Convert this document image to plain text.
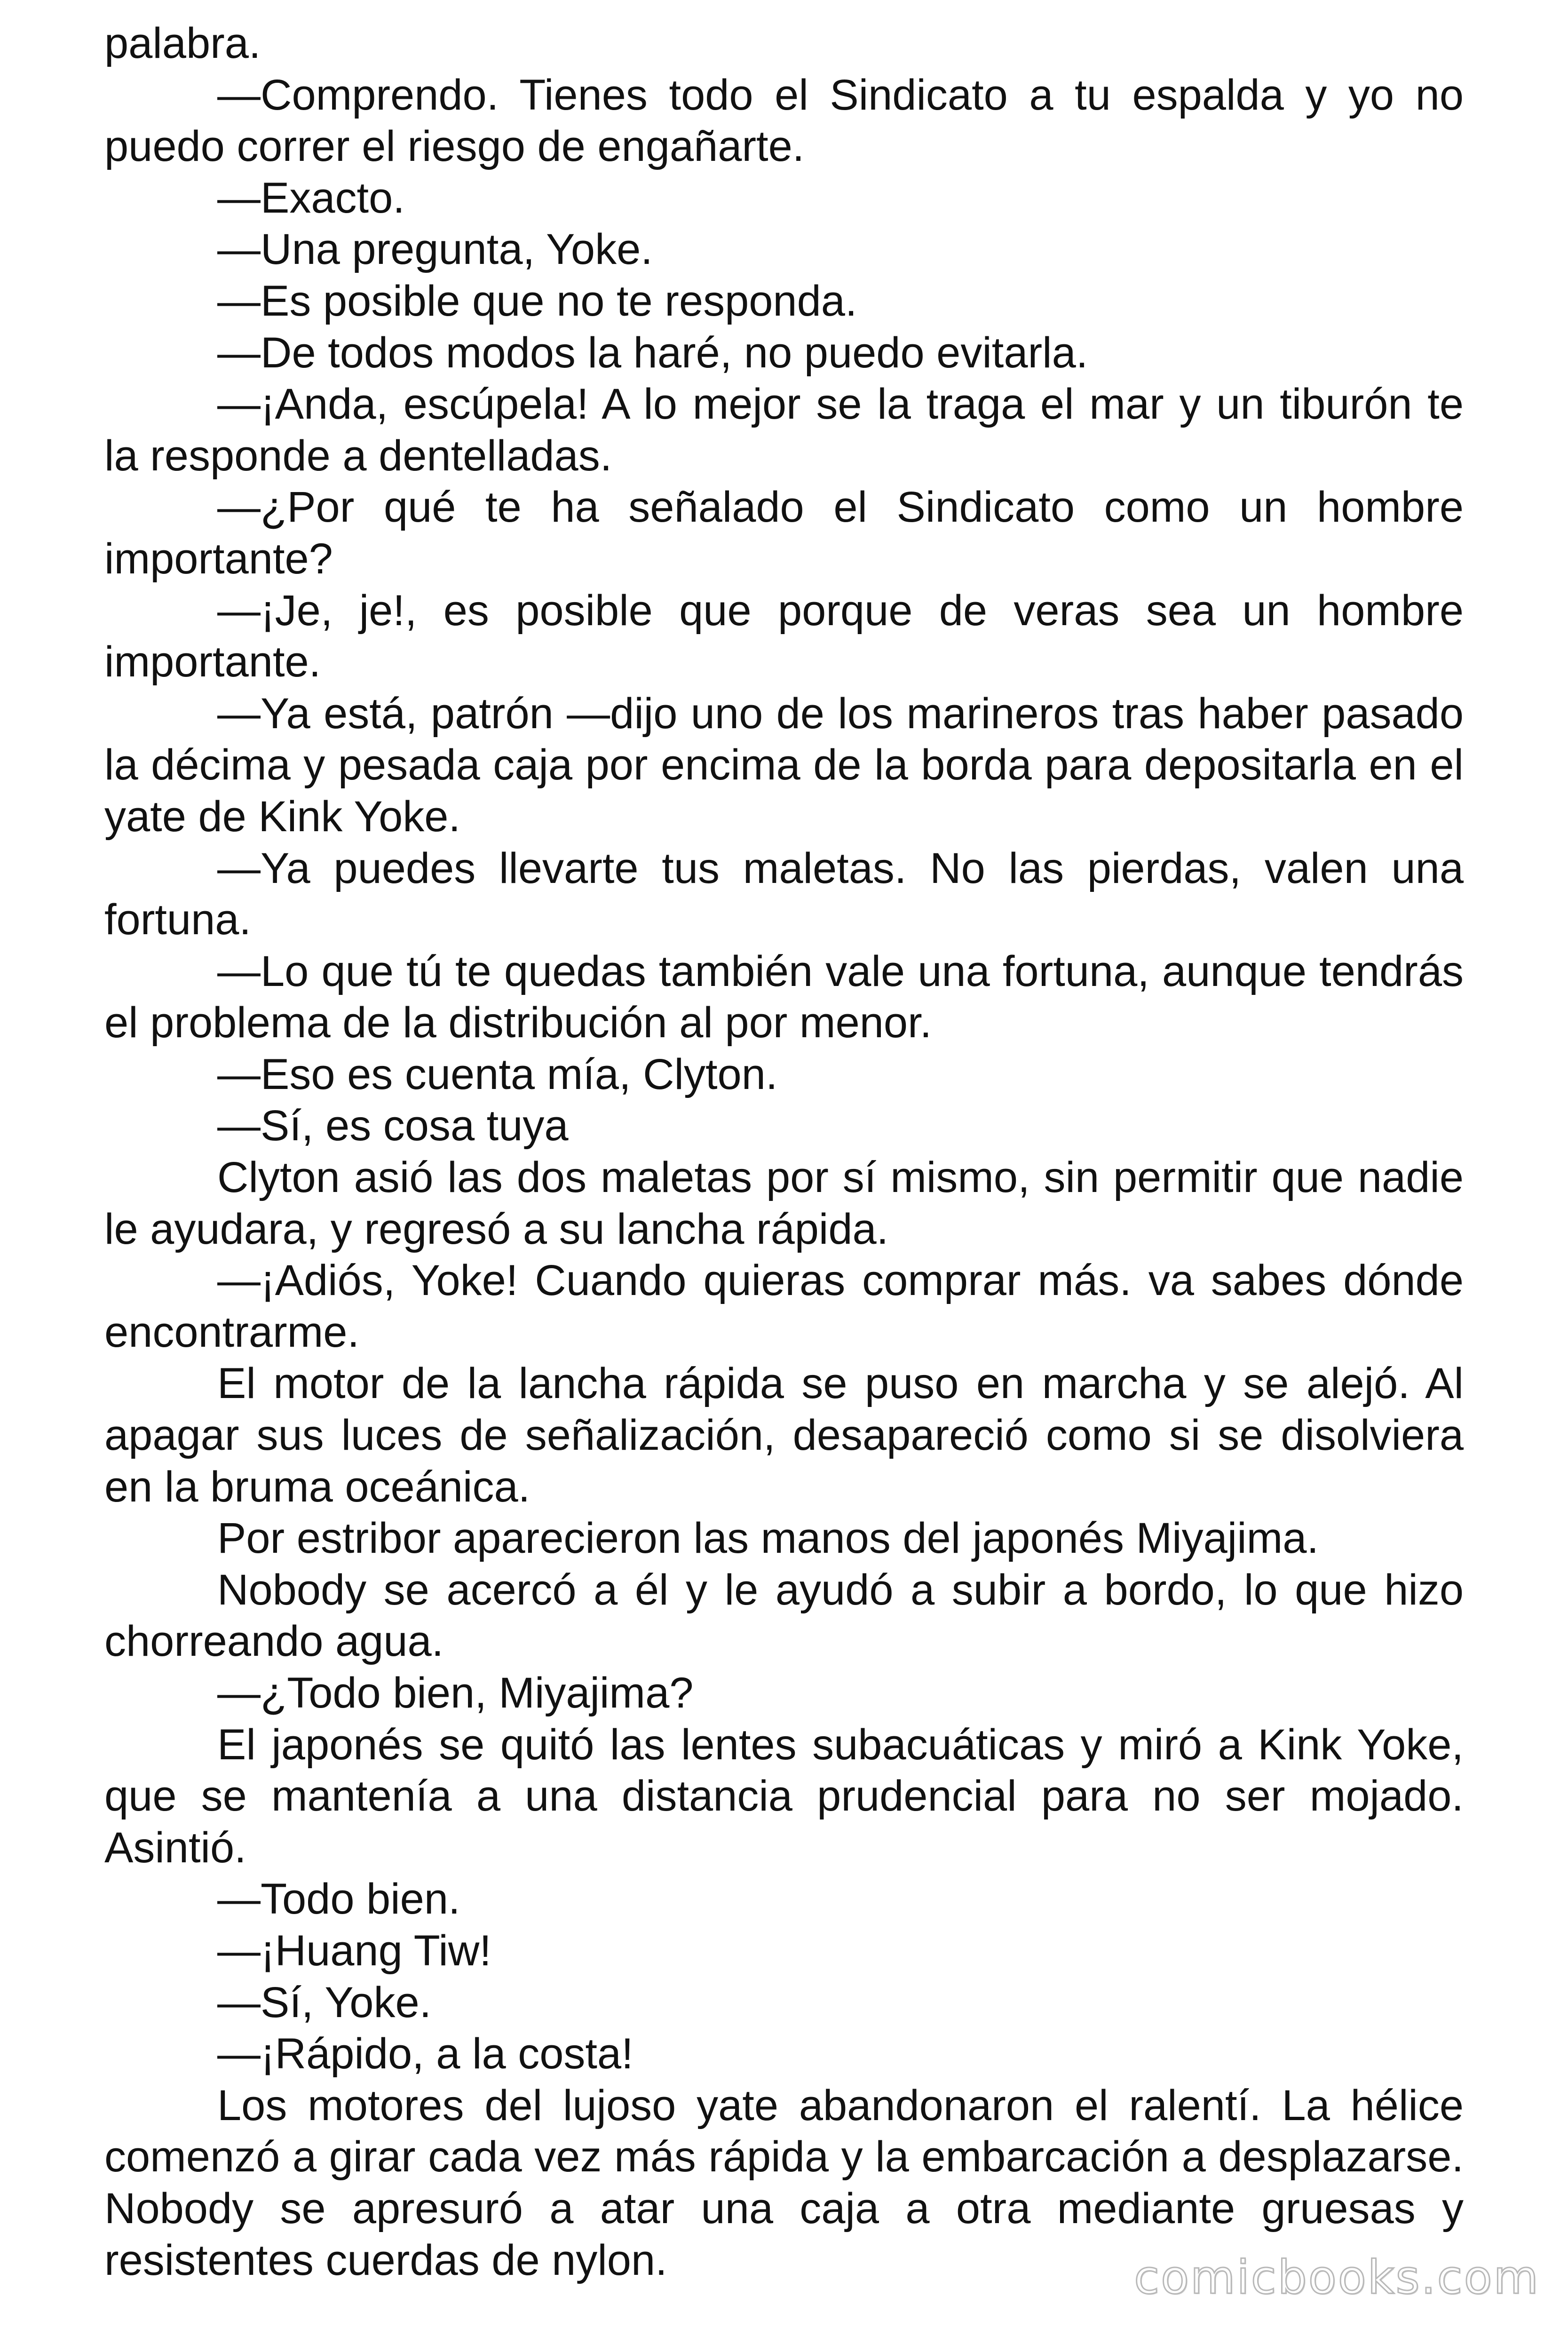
palabra.

—Comprendo. Tienes todo el Sindicato a tu espalda y yo no puedo correr el riesgo de engañarte.

—Exacto.

—Una pregunta, Yoke.

—Es posible que no te responda.

—De todos modos la haré, no puedo evitarla.

—¡Anda, escúpela! A lo mejor se la traga el mar y un tiburón te la responde a dentelladas.

—¿Por qué te ha señalado el Sindicato como un hombre importante?

—¡Je, je!, es posible que porque de veras sea un hombre importante.

—Ya está, patrón —dijo uno de los marineros tras haber pasado la décima y pesada caja por encima de la borda para depositarla en el yate de Kink Yoke.

—Ya puedes llevarte tus maletas. No las pierdas, valen una fortuna.

—Lo que tú te quedas también vale una fortuna, aunque tendrás el problema de la distribución al por menor.

—Eso es cuenta mía, Clyton.

—Sí, es cosa tuya

Clyton asió las dos maletas por sí mismo, sin permitir que nadie le ayudara, y regresó a su lancha rápida.

—¡Adiós, Yoke! Cuando quieras comprar más. va sabes dónde encontrarme.

El motor de la lancha rápida se puso en marcha y se alejó. Al apagar sus luces de señalización, desapareció como si se disolviera en la bruma oceánica.

Por estribor aparecieron las manos del japonés Miyajima.

Nobody se acercó a él y le ayudó a subir a bordo, lo que hizo chorreando agua.

—¿Todo bien, Miyajima?

El japonés se quitó las lentes subacuáticas y miró a Kink Yoke, que se mantenía a una distancia prudencial para no ser mojado. Asintió.

—Todo bien.

—¡Huang Tiw!

—Sí, Yoke.

—¡Rápido, a la costa!

Los motores del lujoso yate abandonaron el ralentí. La hélice comenzó a girar cada vez más rápida y la embarcación a desplazarse. Nobody se apresuró a atar una caja a otra mediante gruesas y resistentes cuerdas de nylon.	comicbooks.com
